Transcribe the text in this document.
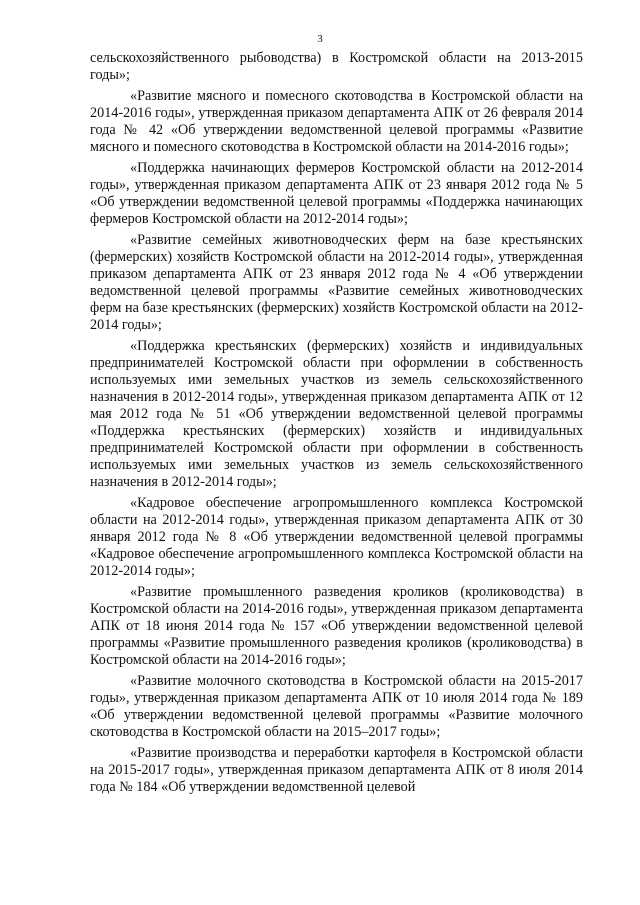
3

сельскохозяйственного рыбоводства) в Костромской области на 2013-2015 годы»;

«Развитие мясного и помесного скотоводства в Костромской области на 2014-2016 годы», утвержденная приказом департамента АПК от 26 февраля 2014 года № 42 «Об утверждении ведомственной целевой программы «Развитие мясного и помесного скотоводства в Костромской области на 2014-2016 годы»;

«Поддержка начинающих фермеров Костромской области на 2012-2014 годы», утвержденная приказом департамента АПК от 23 января 2012 года № 5 «Об утверждении ведомственной целевой программы «Поддержка начинающих фермеров Костромской области на 2012-2014 годы»;

«Развитие семейных животноводческих ферм на базе крестьянских (фермерских) хозяйств Костромской области на 2012-2014 годы», утвержденная приказом департамента АПК от 23 января 2012 года № 4 «Об утверждении ведомственной целевой программы «Развитие семейных животноводческих ферм на базе крестьянских (фермерских) хозяйств Костромской области на 2012-2014 годы»;

«Поддержка крестьянских (фермерских) хозяйств и индивидуальных предпринимателей Костромской области при оформлении в собственность используемых ими земельных участков из земель сельскохозяйственного назначения в 2012-2014 годы», утвержденная приказом департамента АПК от 12 мая 2012 года № 51 «Об утверждении ведомственной целевой программы «Поддержка крестьянских (фермерских) хозяйств и индивидуальных предпринимателей Костромской области при оформлении в собственность используемых ими земельных участков из земель сельскохозяйственного назначения в 2012-2014 годы»;

«Кадровое обеспечение агропромышленного комплекса Костромской области на 2012-2014 годы», утвержденная приказом департамента АПК от 30 января 2012 года № 8 «Об утверждении ведомственной целевой программы «Кадровое обеспечение агропромышленного комплекса Костромской области на 2012-2014 годы»;

«Развитие промышленного разведения кроликов (кролиководства) в Костромской области на 2014-2016 годы», утвержденная приказом департамента АПК от 18 июня 2014 года № 157 «Об утверждении ведомственной целевой программы «Развитие промышленного разведения кроликов (кролиководства) в Костромской области на 2014-2016 годы»;

«Развитие молочного скотоводства в Костромской области на 2015-2017 годы», утвержденная приказом департамента АПК от 10 июля 2014 года № 189 «Об утверждении ведомственной целевой программы «Развитие молочного скотоводства в Костромской области на 2015–2017 годы»;

«Развитие производства и переработки картофеля в Костромской области на 2015-2017 годы», утвержденная приказом департамента АПК от 8 июля 2014 года № 184 «Об утверждении ведомственной целевой
